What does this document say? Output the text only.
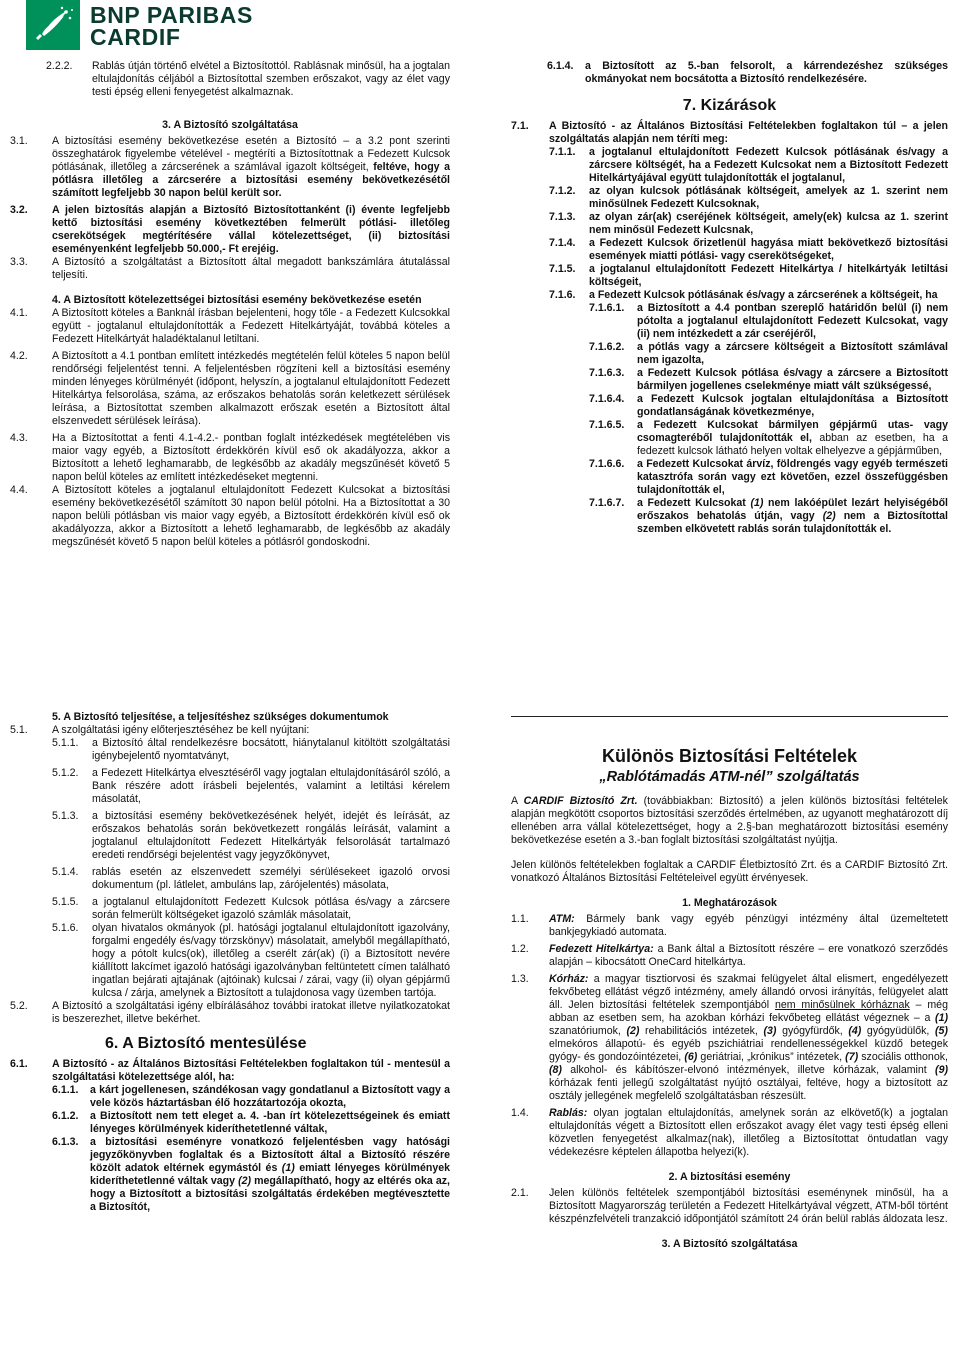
BNP PARIBAS
CARDIF
2.2.2.	Rablás útján történő elvétel a Biztosítottól. Rablásnak minősül, ha a jogtalan eltulajdonítás céljából a Biztosítottal szemben erőszakot, vagy az élet vagy testi épség elleni fenyegetést alkalmaznak.
3. A Biztosító szolgáltatása
3.1.	A biztosítási esemény bekövetkezése esetén a Biztosító – a 3.2 pont szerinti összeghatárok figyelembe vételével - megtéríti a Biztosítottnak a Fedezett Kulcsok pótlásának, illetőleg a zárcserének a számlával igazolt költségeit, feltéve, hogy a pótlásra illetőleg a zárcserére a biztosítási esemény bekövetkezésétől számított legfeljebb 30 napon belül került sor.
3.2.	A jelen biztosítás alapján a Biztosító Biztosítottanként (i) évente legfeljebb kettő biztosítási esemény következtében felmerült pótlási- illetőleg cserekötségek megtérítésére vállal kötelezettséget, (ii) biztosítási eseményenként legfeljebb 50.000,- Ft erejéig.
3.3.	A Biztosító a szolgáltatást a Biztosított által megadott bankszámlára átutalással teljesíti.
4. A Biztosított kötelezettségei biztosítási esemény bekövetkezése esetén
4.1.	A Biztosított köteles a Banknál írásban bejelenteni, hogy tőle - a Fedezett Kulcsokkal együtt - jogtalanul eltulajdonították a Fedezett Hitelkártyáját, továbbá köteles a Fedezett Hitelkártyát haladéktalanul letiltani.
4.2.	A Biztosított a 4.1 pontban említett intézkedés megtételén felül köteles 5 napon belül rendőrségi feljelentést tenni. A feljelentésben rögzíteni kell a biztosítási esemény minden lényeges körülményét (időpont, helyszín, a jogtalanul eltulajdonított Fedezett Hitelkártya felsorolása, száma, az erőszakos behatolás során keletkezett sérülések leírása, a Biztosítottat szemben alkalmazott erőszak esetén a Biztosított által elszenvedett sérülések leírása).
4.3.	Ha a Biztosítottat a fenti 4.1-4.2.- pontban foglalt intézkedések megtételében vis maior vagy egyéb, a Biztosított érdekkörén kívül eső ok akadályozza, akkor a Biztosított a lehető leghamarabb, de legkésőbb az akadály megszűnését követő 5 napon belül köteles az említett intézkedéseket megtenni.
4.4.	A Biztosított köteles a jogtalanul eltulajdonított Fedezett Kulcsokat a biztosítási esemény bekövetkezésétől számított 30 napon belül pótolni. Ha a Biztosítottat a 30 napon belüli pótlásban vis maior vagy egyéb, a Biztosított érdekkörén kívül eső ok akadályozza, akkor a Biztosított a lehető leghamarabb, de legkésőbb az akadály megszűnését követő 5 napon belül köteles a pótlásról gondoskodni.
5. A Biztosító teljesítése, a teljesítéshez szükséges dokumentumok
5.1.	A szolgáltatási igény előterjesztéséhez be kell nyújtani:
5.1.1.	a Biztosító által rendelkezésre bocsátott, hiánytalanul kitöltött szolgáltatási igénybejelentő nyomtatványt,
5.1.2.	a Fedezett Hitelkártya elvesztéséről vagy jogtalan eltulajdonításáról szóló, a Bank részére adott írásbeli bejelentés, valamint a letiltási kérelem másolatát,
5.1.3.	a biztosítási esemény bekövetkezésének helyét, idejét és leírását, az erőszakos behatolás során bekövetkezett rongálás leírását, valamint a jogtalanul eltulajdonított Fedezett Hitelkártyák felsorolását tartalmazó eredeti rendőrségi bejelentést vagy jegyzőkönyvet,
5.1.4.	rablás esetén az elszenvedett személyi sérülésekeet igazoló orvosi dokumentum (pl. látlelet, ambuláns lap, zárójelentés) másolata,
5.1.5.	a jogtalanul eltulajdonított Fedezett Kulcsok pótlása és/vagy a zárcsere során felmerült költségeket igazoló számlák másolatait,
5.1.6.	olyan hivatalos okmányok (pl. hatósági jogtalanul eltulajdonított igazolvány, forgalmi engedély és/vagy törzskönyv) másolatait, amelyből megállapítható, hogy a pótolt kulcs(ok), illetőleg a cserélt zár(ak) (i) a Biztosított nevére kiállított lakcímet igazoló hatósági igazolványban feltüntetett címen található ingatlan bejárati ajtajának (ajtóinak) kulcsai / zárai, vagy (ii) olyan gépjármű kulcsa / zárja, amelynek a Biztosított a tulajdonosa vagy üzemben tartója.
5.2.	A Biztosító a szolgáltatási igény elbírálásához további iratokat illetve nyilatkozatokat is beszerezhet, illetve bekérhet.
6. A Biztosító mentesülése
6.1.	A Biztosító - az Általános Biztosítási Feltételekben foglaltakon túl - mentesül a szolgáltatási kötelezettsége alól, ha:
6.1.1.	a kárt jogellenesen, szándékosan vagy gondatlanul a Biztosított vagy a vele közös háztartásban élő hozzátartozója okozta,
6.1.2.	a Biztosított nem tett eleget a. 4. -ban írt kötelezettségeinek és emiatt lényeges körülmények kideríthetetlenné váltak,
6.1.3.	a biztosítási eseményre vonatkozó feljelentésben vagy hatósági jegyzőkönyvben foglaltak és a Biztosított által a Biztosító részére közölt adatok eltérnek egymástól és (1) emiatt lényeges körülmények kideríthetetlenné váltak vagy (2) megállapítható, hogy az eltérés oka az, hogy a Biztosított a biztosítási szolgáltatás érdekében megtévesztette a Biztosítót,
6.1.4.	a Biztosított az 5.-ban felsorolt, a kárrendezéshez szükséges okmányokat nem bocsátotta a Biztosító rendelkezésére.
7. Kizárások
7.1.	A Biztosító - az Általános Biztosítási Feltételekben foglaltakon túl – a jelen szolgáltatás alapján nem téríti meg:
7.1.1.	a jogtalanul eltulajdonított Fedezett Kulcsok pótlásának és/vagy a zárcsere költségét, ha a Fedezett Kulcsokat nem a Biztosított Fedezett Hitelkártyájával együtt tulajdonították el jogtalanul,
7.1.2.	az olyan kulcsok pótlásának költségeit, amelyek az 1. szerint nem minősülnek Fedezett Kulcsoknak,
7.1.3.	az olyan zár(ak) cseréjének költségeit, amely(ek) kulcsa az 1. szerint nem minősül Fedezett Kulcsnak,
7.1.4.	a Fedezett Kulcsok őrizetlenül hagyása miatt bekövetkező biztosítási események miatti pótlási- vagy cserekötségeket,
7.1.5.	a jogtalanul eltulajdonított Fedezett Hitelkártya / hitelkártyák letiltási költségeit,
7.1.6.	a Fedezett Kulcsok pótlásának és/vagy a zárcserének a költségeit, ha
7.1.6.1.	a Biztosított a 4.4 pontban szereplő határidőn belül (i) nem pótolta a jogtalanul eltulajdonított Fedezett Kulcsokat, vagy (ii) nem intézkedett a zár cseréjéről,
7.1.6.2.	a pótlás vagy a zárcsere költségeit a Biztosított számlával nem igazolta,
7.1.6.3.	a Fedezett Kulcsok pótlása és/vagy a zárcsere a Biztosított bármilyen jogellenes cselekménye miatt vált szükségessé,
7.1.6.4.	a Fedezett Kulcsok jogtalan eltulajdonítása a Biztosított gondatlanságának következménye,
7.1.6.5.	a Fedezett Kulcsokat bármilyen gépjármű utas- vagy csomagteréből tulajdonították el, abban az esetben, ha a fedezett kulcsok látható helyen voltak elhelyezve a gépjárműben,
7.1.6.6.	a Fedezett Kulcsokat árvíz, földrengés vagy egyéb természeti katasztrófa során vagy ezt követően, ezzel összefüggésben tulajdonították el,
7.1.6.7.	a Fedezett Kulcsokat (1) nem lakóépület lezárt helyiségéből erőszakos behatolás útján, vagy (2) nem a Biztosítottal szemben elkövetett rablás során tulajdonították el.
Különös Biztosítási Feltételek
„Rablótámadás ATM-nél” szolgáltatás
A CARDIF Biztosító Zrt. (továbbiakban: Biztosító) a jelen különös biztosítási feltételek alapján megkötött csoportos biztosítási szerződés értelmében, az ugyanott meghatározott díj ellenében arra vállal kötelezettséget, hogy a 2.§-ban meghatározott biztosítási esemény bekövetkezése esetén a 3.-ban foglalt biztosítási szolgáltatást nyújtja.
Jelen különös feltételekben foglaltak a CARDIF Életbiztosító Zrt. és a CARDIF Biztosító Zrt. vonatkozó Általános Biztosítási Feltételeivel együtt érvényesek.
1. Meghatározások
1.1.	ATM: Bármely bank vagy egyéb pénzügyi intézmény által üzemeltetett bankjegykiadó automata.
1.2.	Fedezett Hitelkártya: a Bank által a Biztosított részére – ere vonatkozó szerződés alapján – kibocsátott OneCard hitelkártya.
1.3.	Kórház: a magyar tisztiorvosi és szakmai felügyelet által elismert, engedélyezett fekvőbeteg ellátást végző intézmény, amely állandó orvosi irányítás, felügyelet alatt áll. Jelen biztosítási feltételek szempontjából nem minősülnek kórháznak – még abban az esetben sem, ha azokban kórházi fekvőbeteg ellátást végeznek – a (1) szanatóriumok, (2) rehabilitációs intézetek, (3) gyógyfürdők, (4) gyógyüdülők, (5) elmekóros állapotú- és egyéb pszichiátriai rendellenességekkel küzdő betegek gyógy- és gondozóintézetei, (6) geriátriai, „krónikus” intézetek, (7) szociális otthonok, (8) alkohol- és kábítószer-elvonó intézmények, illetve kórházak, valamint (9) kórházak fenti jellegű szolgáltatást nyújtó osztályai, feltéve, hogy a biztosított az osztály jellegének megfelelő szolgáltatásban részesült.
1.4.	Rablás: olyan jogtalan eltulajdonítás, amelynek során az elkövető(k) a jogtalan eltulajdonítás végett a Biztosított ellen erőszakot avagy élet vagy testi épség elleni közvetlen fenyegetést alkalmaz(nak), illetőleg a Biztosítottat öntudatlan vagy védekezésre képtelen állapotba helyezi(k).
2. A biztosítási esemény
2.1.	Jelen különös feltételek szempontjából biztosítási eseménynek minősül, ha a Biztosított Magyarország területén a Fedezett Hitelkártyával végzett, ATM-ből történt készpénzfelvételi tranzakció időpontjától számított 24 órán belül rablás áldozata lesz.
3. A Biztosító szolgáltatása
